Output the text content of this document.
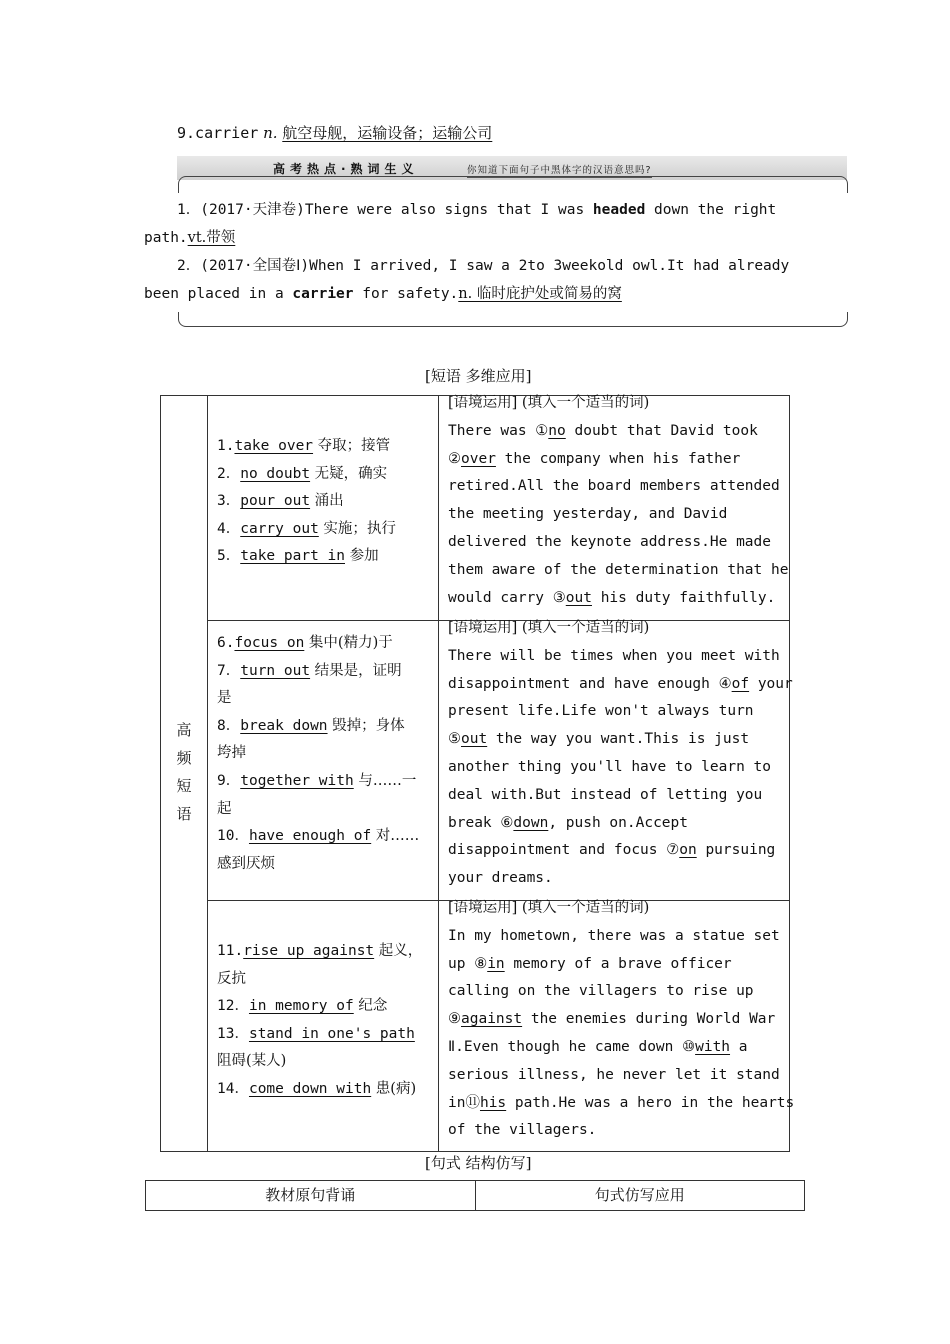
9.carrier n. 航空母舰，运输设备；运输公司
高考热点·熟词生义	你知道下面句子中黑体字的汉语意思吗?
1．(2017·天津卷)There were also signs that I was headed down the right
path.vt.带领
2．(2017·全国卷Ⅰ)When I arrived, I saw a 2to 3weekold owl.It had already
been placed in a carrier for safety.n. 临时庇护处或简易的窝
[短语 多维应用]
高
频
短
语
1.take over 夺取；接管
2．no doubt 无疑，确实
3．pour out 涌出
4．carry out 实施；执行
5．take part in 参加
[语境运用] (填入一个适当的词)
There was ①no doubt that David took
②over the company when his father
retired.All the board members attended
the meeting yesterday, and David
delivered the keynote address.He made
them aware of the determination that he
would carry ③out his duty faithfully.
6.focus on 集中(精力)于
7．turn out 结果是，证明
是
8．break down 毁掉；身体
垮掉
9．together with 与……一
起
10．have enough of 对……
感到厌烦
[语境运用] (填入一个适当的词)
There will be times when you meet with
disappointment and have enough ④of your
present life.Life won't always turn
⑤out the way you want.This is just
another thing you'll have to learn to
deal with.But instead of letting you
break ⑥down, push on.Accept
disappointment and focus ⑦on pursuing
your dreams.
11.rise up against 起义，
反抗
12．in memory of 纪念
13．stand in one's path
阻碍(某人)
14．come down with 患(病)
[语境运用] (填入一个适当的词)
In my hometown, there was a statue set
up ⑧in memory of a brave officer
calling on the villagers to rise up
⑨against the enemies during World War
Ⅱ.Even though he came down ⑩with a
serious illness, he never let it stand
in⑪his path.He was a hero in the hearts
of the villagers.
[句式 结构仿写]
教材原句背诵	句式仿写应用
